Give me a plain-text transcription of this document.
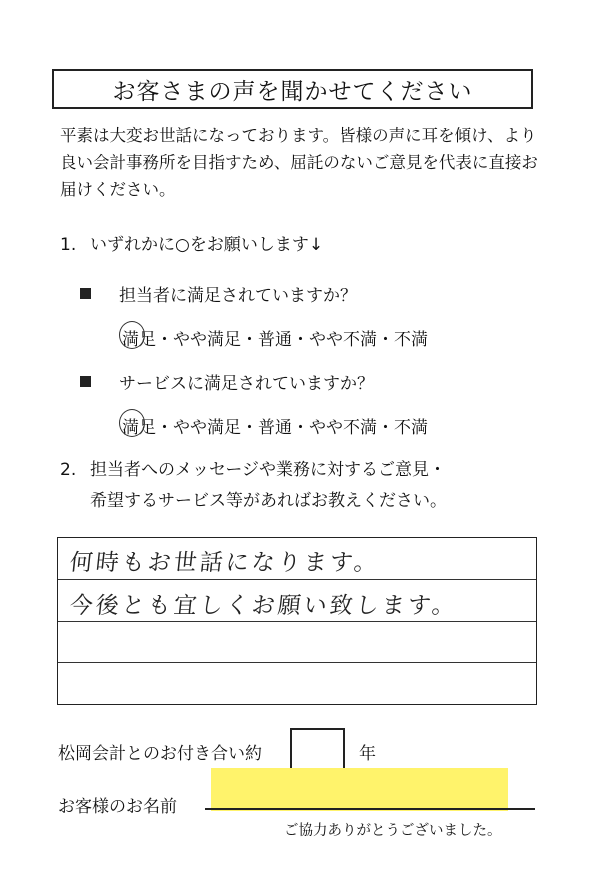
お客さまの声を聞かせてください

平素は大変お世話になっております。皆様の声に耳を傾け、より良い会計事務所を目指すため、屈託のないご意見を代表に直接お届けください。

1. いずれかに○をお願いします↓
担当者に満足されていますか？
満足・やや満足・普通・やや不満・不満
サービスに満足されていますか？
満足・やや満足・普通・やや不満・不満
2. 担当者へのメッセージや業務に対するご意見・
希望するサービス等があればお教えください。
何時もお世話になります。
今後とも宜しくお願い致します。
松岡会計とのお付き合い約	年
お客様のお名前
ご協力ありがとうございました。
